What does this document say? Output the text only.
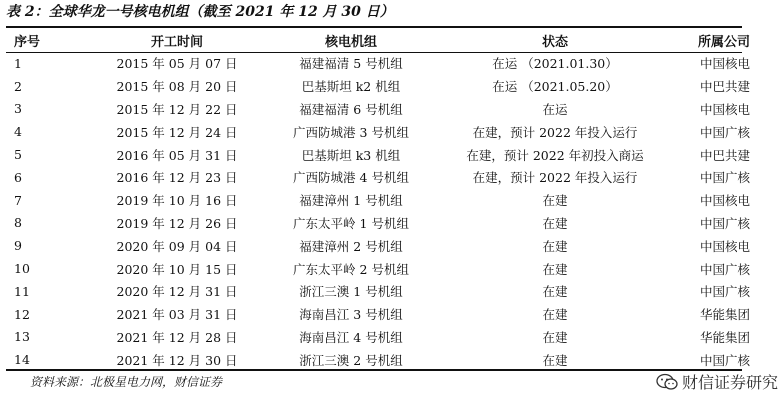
表 2：全球华龙一号核电机组（截至 2021 年 12 月 30 日）
序号	开工时间	核电机组	状态	所属公司
1	2015 年 05 月 07 日	福建福清 5 号机组	在运 （2021.01.30）	中国核电
2	2015 年 08 月 20 日	巴基斯坦 k2 机组	在运 （2021.05.20）	中巴共建
3	2015 年 12 月 22 日	福建福清 6 号机组	在运	中国核电
4	2015 年 12 月 24 日	广西防城港 3 号机组	在建，预计 2022 年投入运行	中国广核
5	2016 年 05 月 31 日	巴基斯坦 k3 机组	在建，预计 2022 年初投入商运	中巴共建
6	2016 年 12 月 23 日	广西防城港 4 号机组	在建，预计 2022 年投入运行	中国广核
7	2019 年 10 月 16 日	福建漳州 1 号机组	在建	中国核电
8	2019 年 12 月 26 日	广东太平岭 1 号机组	在建	中国广核
9	2020 年 09 月 04 日	福建漳州 2 号机组	在建	中国核电
10	2020 年 10 月 15 日	广东太平岭 2 号机组	在建	中国广核
11	2020 年 12 月 31 日	浙江三澳 1 号机组	在建	中国广核
12	2021 年 03 月 31 日	海南昌江 3 号机组	在建	华能集团
13	2021 年 12 月 28 日	海南昌江 4 号机组	在建	华能集团
14	2021 年 12 月 30 日	浙江三澳 2 号机组	在建	中国广核
资料来源：北极星电力网，财信证券	财信证券研究
